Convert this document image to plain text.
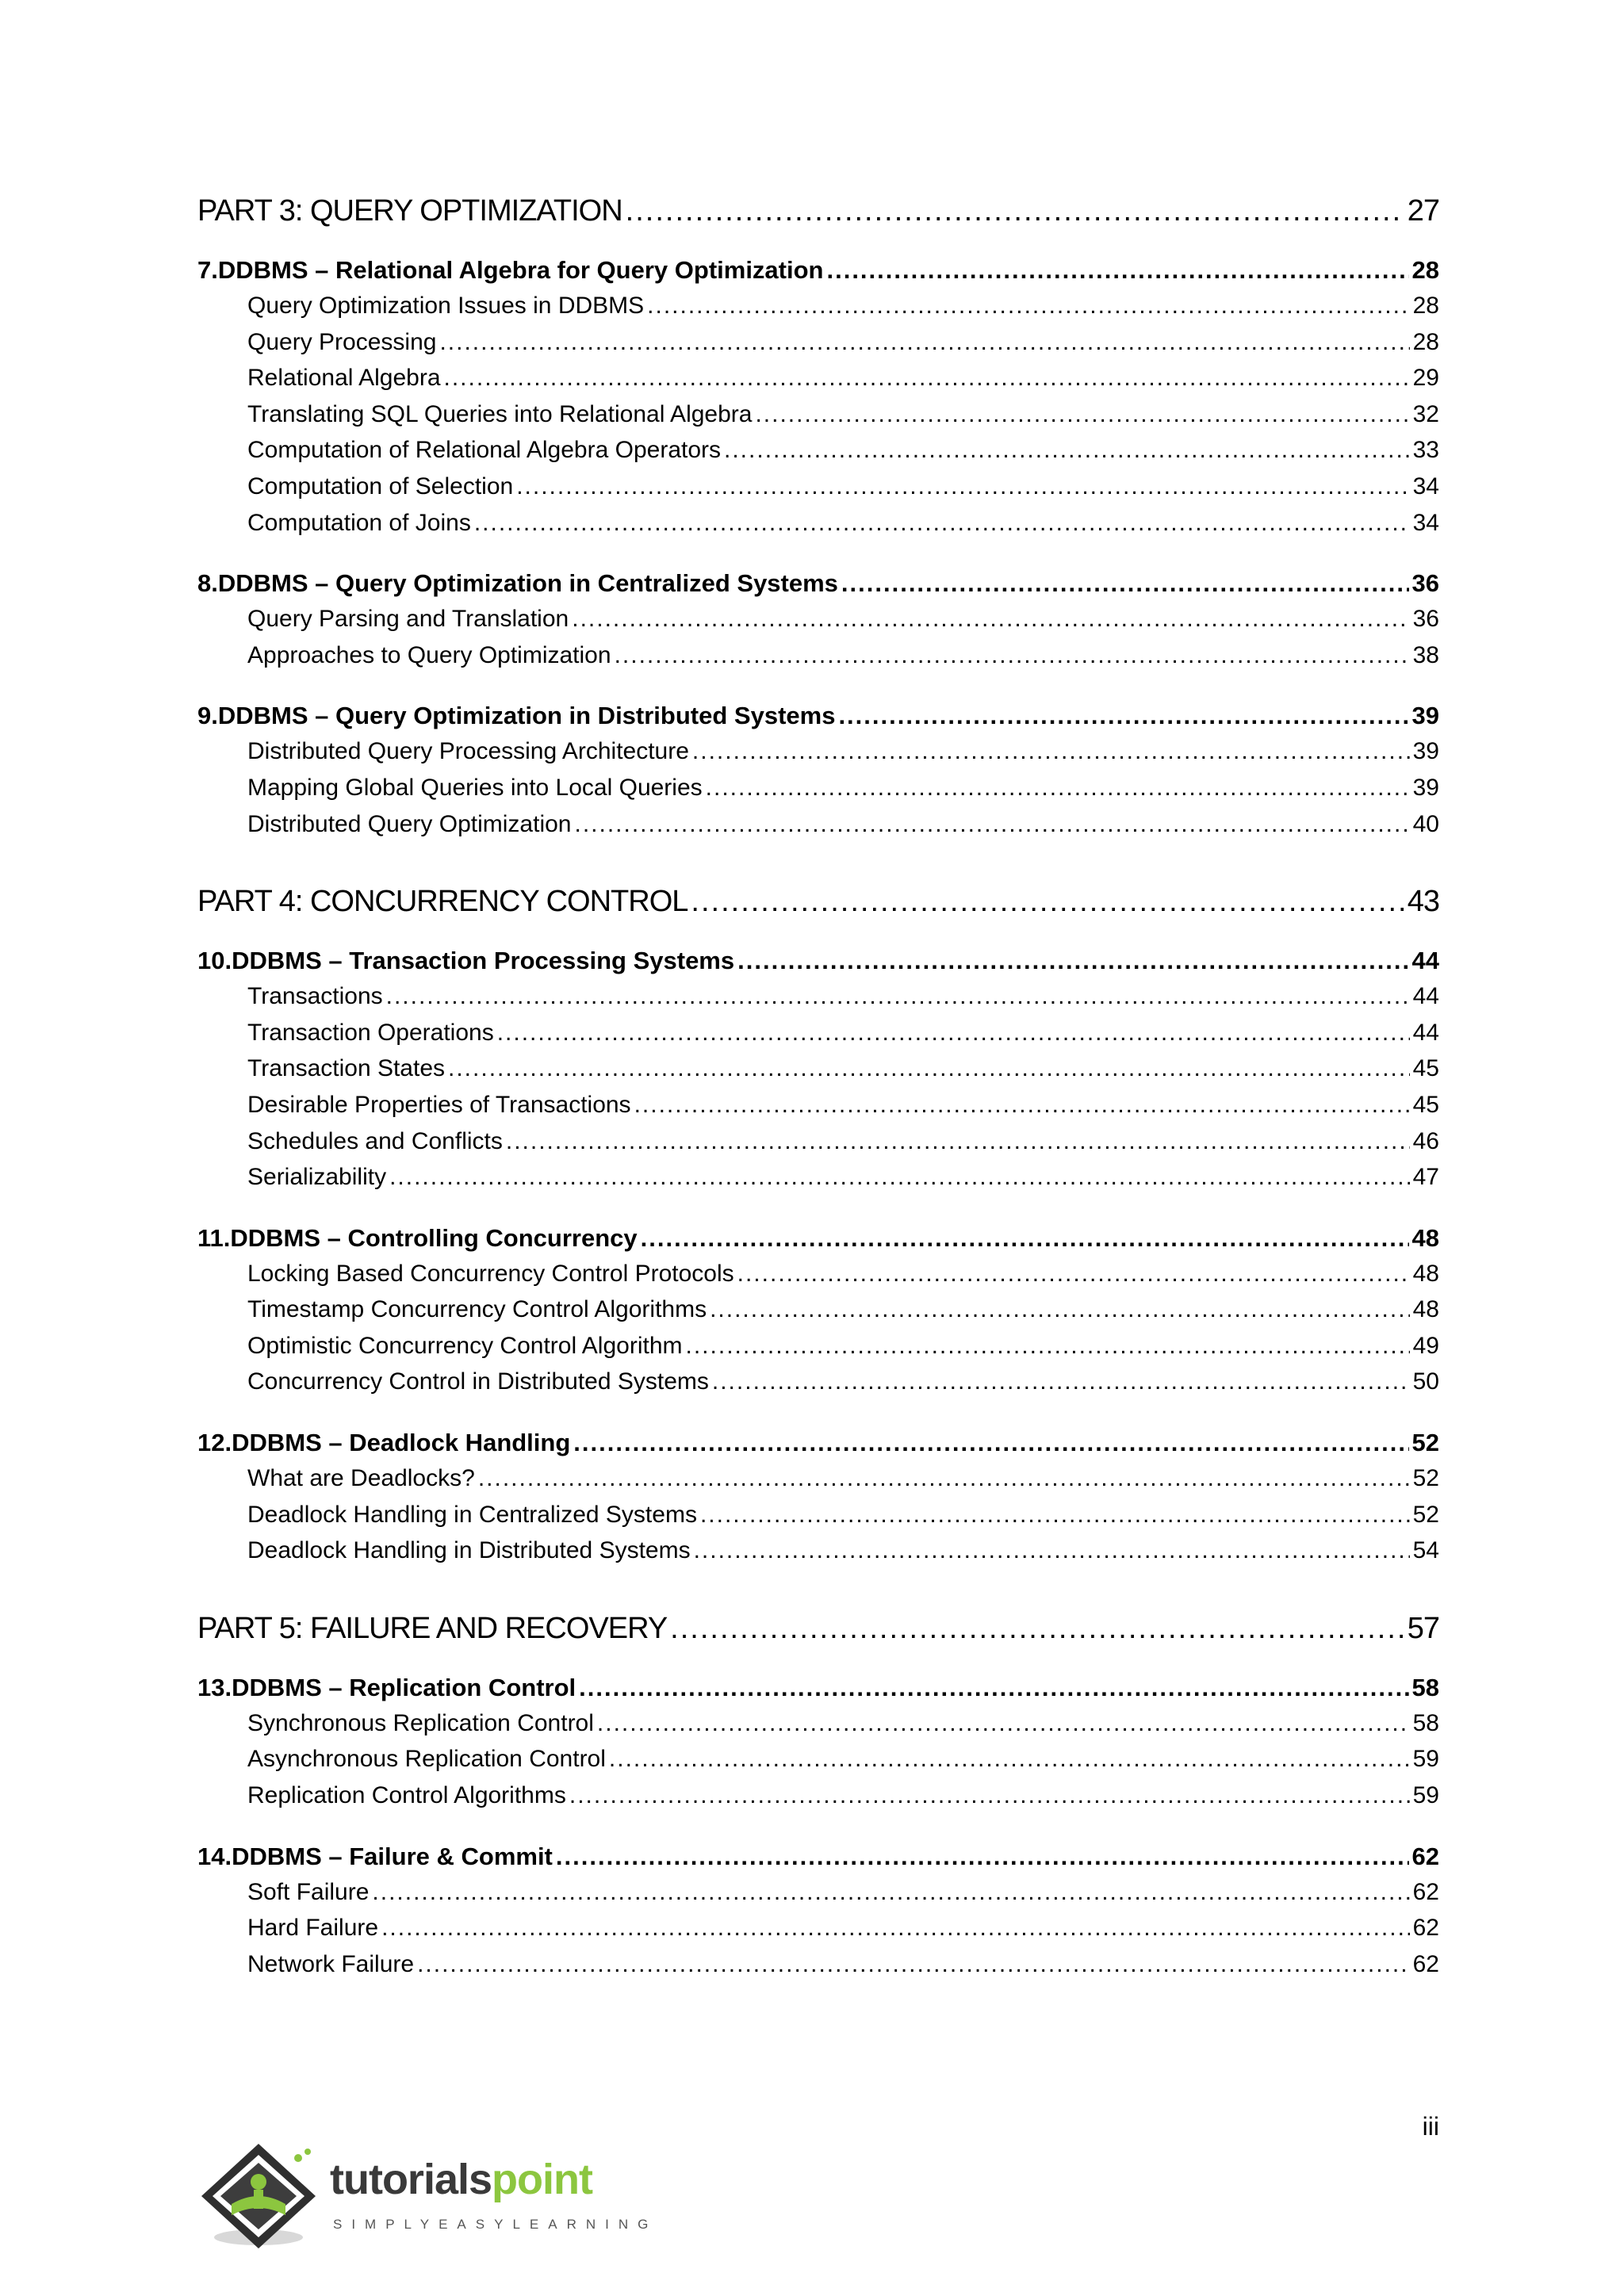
PART 3: QUERY OPTIMIZATION .....	27
7. DDBMS – Relational Algebra for Query Optimization .....	28
Query Optimization Issues in DDBMS .....	28
Query Processing .....	28
Relational Algebra .....	29
Translating SQL Queries into Relational Algebra .....	32
Computation of Relational Algebra Operators .....	33
Computation of Selection .....	34
Computation of Joins .....	34
8. DDBMS – Query Optimization in Centralized Systems .....	36
Query Parsing and Translation .....	36
Approaches to Query Optimization .....	38
9. DDBMS – Query Optimization in Distributed Systems .....	39
Distributed Query Processing Architecture .....	39
Mapping Global Queries into Local Queries .....	39
Distributed Query Optimization .....	40
PART 4: CONCURRENCY CONTROL .....	43
10. DDBMS – Transaction Processing Systems .....	44
Transactions .....	44
Transaction Operations .....	44
Transaction States .....	45
Desirable Properties of Transactions .....	45
Schedules and Conflicts .....	46
Serializability .....	47
11. DDBMS – Controlling Concurrency .....	48
Locking Based Concurrency Control Protocols .....	48
Timestamp Concurrency Control Algorithms .....	48
Optimistic Concurrency Control Algorithm .....	49
Concurrency Control in Distributed Systems .....	50
12. DDBMS – Deadlock Handling .....	52
What are Deadlocks? .....	52
Deadlock Handling in Centralized Systems .....	52
Deadlock Handling in Distributed Systems .....	54
PART 5: FAILURE AND RECOVERY .....	57
13. DDBMS – Replication Control .....	58
Synchronous Replication Control .....	58
Asynchronous Replication Control .....	59
Replication Control Algorithms .....	59
14. DDBMS – Failure & Commit .....	62
Soft Failure .....	62
Hard Failure .....	62
Network Failure .....	62
iii
tutorialspoint
SIMPLYEASYLEARNING
